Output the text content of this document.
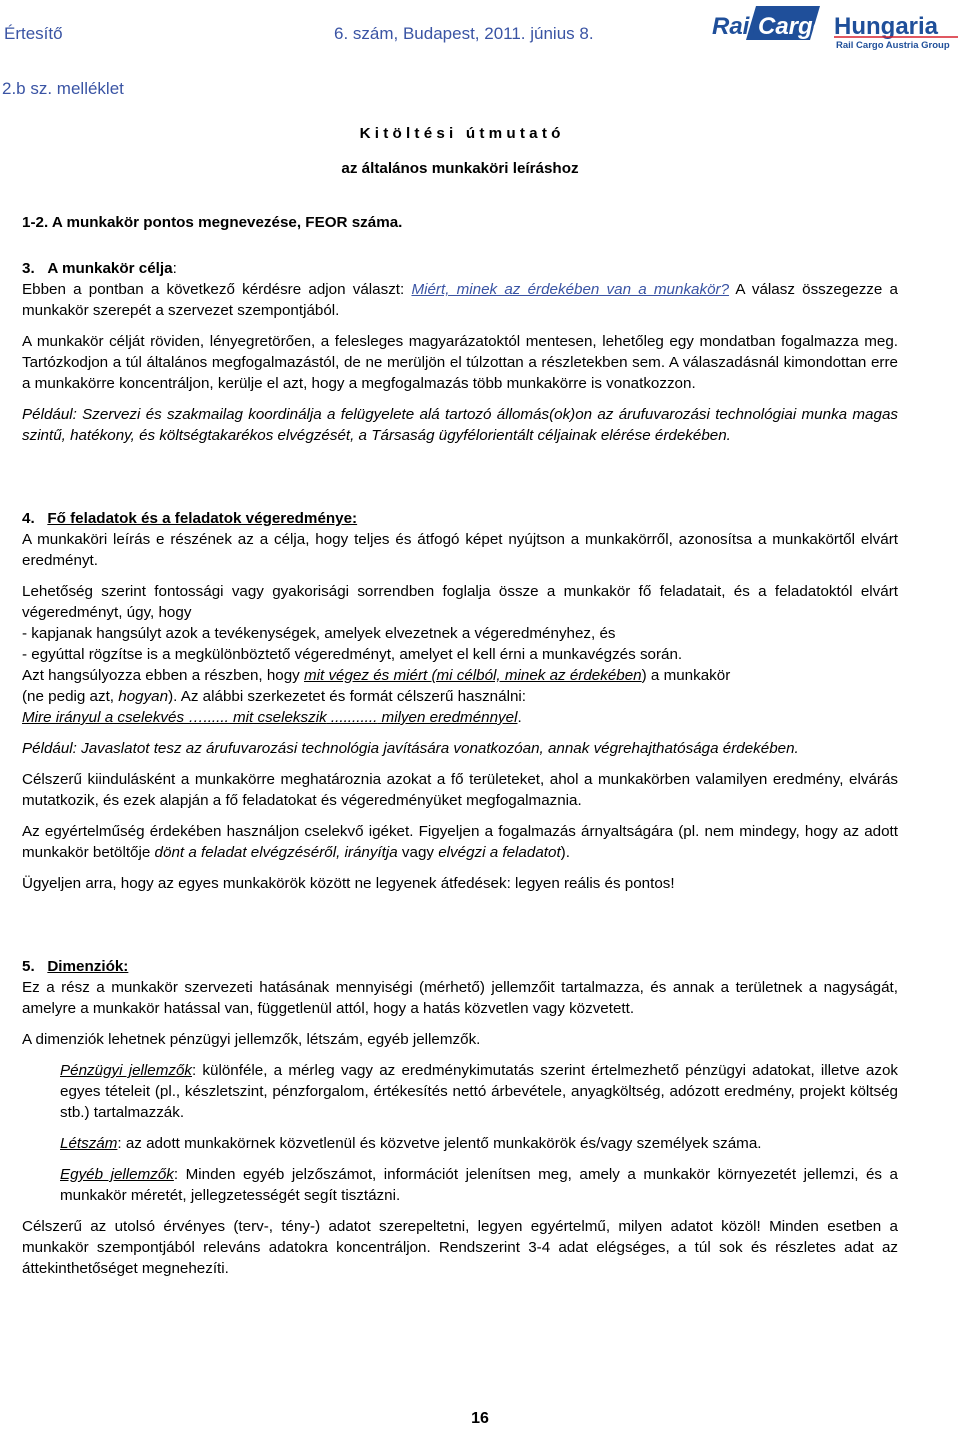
Értesítő	6. szám, Budapest, 2011. június 8.	Rail Cargo Hungaria
Rail Cargo Austria Group

2.b sz. melléklet

K i t ö l t é s i   ú t m u t a t ó

az általános munkaköri leíráshoz

1-2. A munkakör pontos megnevezése, FEOR száma.

3. A munkakör célja:

Ebben a pontban a következő kérdésre adjon választ: Miért, minek az érdekében van a munkakör? A válasz összegezze a munkakör szerepét a szervezet szempontjából.

A munkakör célját röviden, lényegretörően, a felesleges magyarázatoktól mentesen, lehetőleg egy mondatban fogalmazza meg. Tartózkodjon a túl általános megfogalmazástól, de ne merüljön el túlzottan a részletekben sem. A válaszadásnál kimondottan erre a munkakörre koncentráljon, kerülje el azt, hogy a megfogalmazás több munkakörre is vonatkozzon.

Például: Szervezi és szakmailag koordinálja a felügyelete alá tartozó állomás(ok)on az árufuvarozási technológiai munka magas szintű, hatékony, és költségtakarékos elvégzését, a Társaság ügyfélorientált céljainak elérése érdekében.

4. Fő feladatok és a feladatok végeredménye:

A munkaköri leírás e részének az a célja, hogy teljes és átfogó képet nyújtson a munkakörről, azonosítsa a munkakörtől elvárt eredményt.

Lehetőség szerint fontossági vagy gyakorisági sorrendben foglalja össze a munkakör fő feladatait, és a feladatoktól elvárt végeredményt, úgy, hogy

- kapjanak hangsúlyt azok a tevékenységek, amelyek elvezetnek a végeredményhez, és

- egyúttal rögzítse is a megkülönböztető végeredményt, amelyet el kell érni a munkavégzés során.

Azt hangsúlyozza ebben a részben, hogy mit végez és miért (mi célból, minek az érdekében) a munkakör

(ne pedig azt, hogyan). Az alábbi szerkezetet és formát célszerű használni:

Mire irányul a cselekvés …...... mit cselekszik ........... milyen eredménnyel.

Például: Javaslatot tesz az árufuvarozási technológia javítására vonatkozóan, annak végrehajthatósága érdekében.

Célszerű kiindulásként a munkakörre meghatároznia azokat a fő területeket, ahol a munkakörben valamilyen eredmény, elvárás mutatkozik, és ezek alapján a fő feladatokat és végeredményüket megfogalmaznia.

Az egyértelműség érdekében használjon cselekvő igéket. Figyeljen a fogalmazás árnyaltságára (pl. nem mindegy, hogy az adott munkakör betöltője dönt a feladat elvégzéséről, irányítja vagy elvégzi a feladatot).

Ügyeljen arra, hogy az egyes munkakörök között ne legyenek átfedések: legyen reális és pontos!

5. Dimenziók:

Ez a rész a munkakör szervezeti hatásának mennyiségi (mérhető) jellemzőit tartalmazza, és annak a területnek a nagyságát, amelyre a munkakör hatással van, függetlenül attól, hogy a hatás közvetlen vagy közvetett.

A dimenziók lehetnek pénzügyi jellemzők, létszám, egyéb jellemzők.

Pénzügyi jellemzők: különféle, a mérleg vagy az eredménykimutatás szerint értelmezhető pénzügyi adatokat, illetve azok egyes tételeit (pl., készletszint, pénzforgalom, értékesítés nettó árbevétele, anyagköltség, adózott eredmény, projekt költség stb.) tartalmazzák.

Létszám: az adott munkakörnek közvetlenül és közvetve jelentő munkakörök és/vagy személyek száma.

Egyéb jellemzők: Minden egyéb jelzőszámot, információt jelenítsen meg, amely a munkakör környezetét jellemzi, és a munkakör méretét, jellegzetességét segít tisztázni.

Célszerű az utolsó érvényes (terv-, tény-) adatot szerepeltetni, legyen egyértelmű, milyen adatot közöl! Minden esetben a munkakör szempontjából releváns adatokra koncentráljon. Rendszerint 3-4 adat elégséges, a túl sok és részletes adat az áttekinthetőséget megnehezíti.

16
